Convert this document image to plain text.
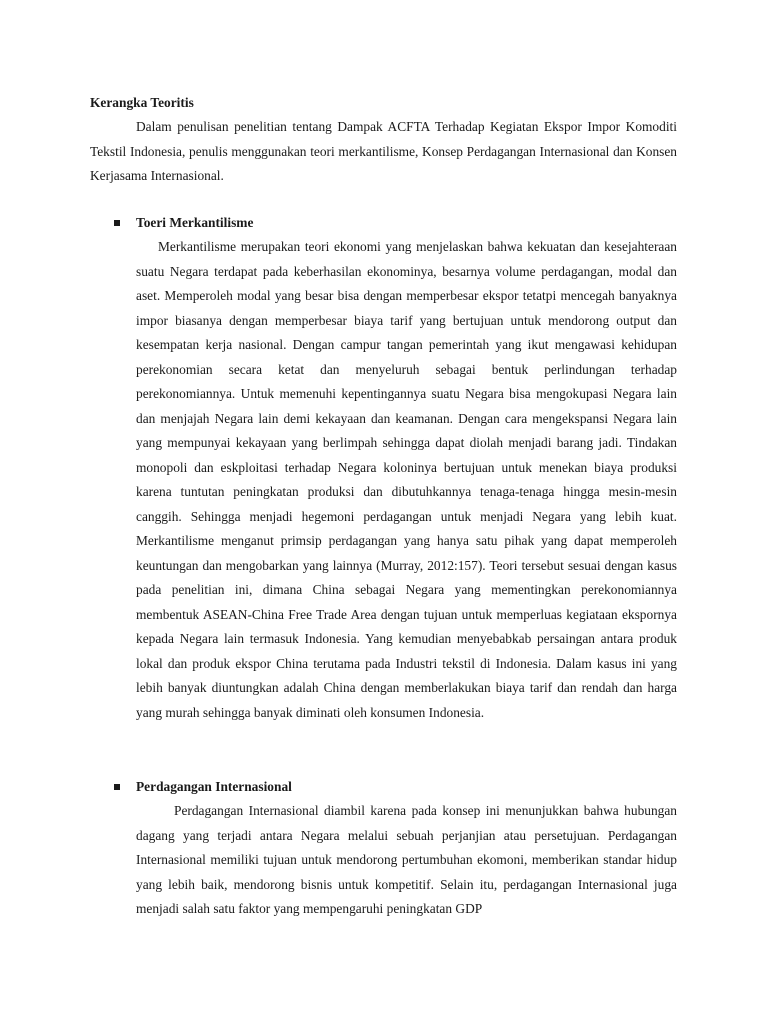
Kerangka Teoritis

Dalam penulisan penelitian tentang Dampak ACFTA Terhadap Kegiatan Ekspor Impor Komoditi Tekstil Indonesia, penulis menggunakan teori merkantilisme, Konsep Perdagangan Internasional dan Konsen Kerjasama Internasional.

Toeri Merkantilisme

Merkantilisme merupakan teori ekonomi yang menjelaskan bahwa kekuatan dan kesejahteraan suatu Negara terdapat pada keberhasilan ekonominya, besarnya volume perdagangan, modal dan aset. Memperoleh modal yang besar bisa dengan memperbesar ekspor tetatpi mencegah banyaknya impor biasanya dengan memperbesar biaya tarif yang bertujuan untuk mendorong output dan kesempatan kerja nasional. Dengan campur tangan pemerintah yang ikut mengawasi kehidupan perekonomian secara ketat dan menyeluruh sebagai bentuk perlindungan terhadap perekonomiannya. Untuk memenuhi kepentingannya suatu Negara bisa mengokupasi Negara lain dan menjajah Negara lain demi kekayaan dan keamanan. Dengan cara mengekspansi Negara lain yang mempunyai kekayaan yang berlimpah sehingga dapat diolah menjadi barang jadi. Tindakan monopoli dan eskploitasi terhadap Negara koloninya bertujuan untuk menekan biaya produksi karena tuntutan peningkatan produksi dan dibutuhkannya tenaga-tenaga hingga mesin-mesin canggih. Sehingga menjadi hegemoni perdagangan untuk menjadi Negara yang lebih kuat. Merkantilisme menganut primsip perdagangan yang hanya satu pihak yang dapat memperoleh keuntungan dan mengobarkan yang lainnya (Murray, 2012:157). Teori tersebut sesuai dengan kasus pada penelitian ini, dimana China sebagai Negara yang mementingkan perekonomiannya membentuk ASEAN-China Free Trade Area dengan tujuan untuk memperluas kegiataan ekspornya kepada Negara lain termasuk Indonesia. Yang kemudian menyebabkab persaingan antara produk lokal dan produk ekspor China terutama pada Industri tekstil di Indonesia. Dalam kasus ini yang lebih banyak diuntungkan adalah China dengan memberlakukan biaya tarif dan rendah dan harga yang murah sehingga banyak diminati oleh konsumen Indonesia.

Perdagangan Internasional

Perdagangan Internasional diambil karena pada konsep ini menunjukkan bahwa hubungan dagang yang terjadi antara Negara melalui sebuah perjanjian atau persetujuan. Perdagangan Internasional memiliki tujuan untuk mendorong pertumbuhan ekomoni, memberikan standar hidup yang lebih baik, mendorong bisnis untuk kompetitif. Selain itu, perdagangan Internasional juga menjadi salah satu faktor yang mempengaruhi peningkatan GDP
